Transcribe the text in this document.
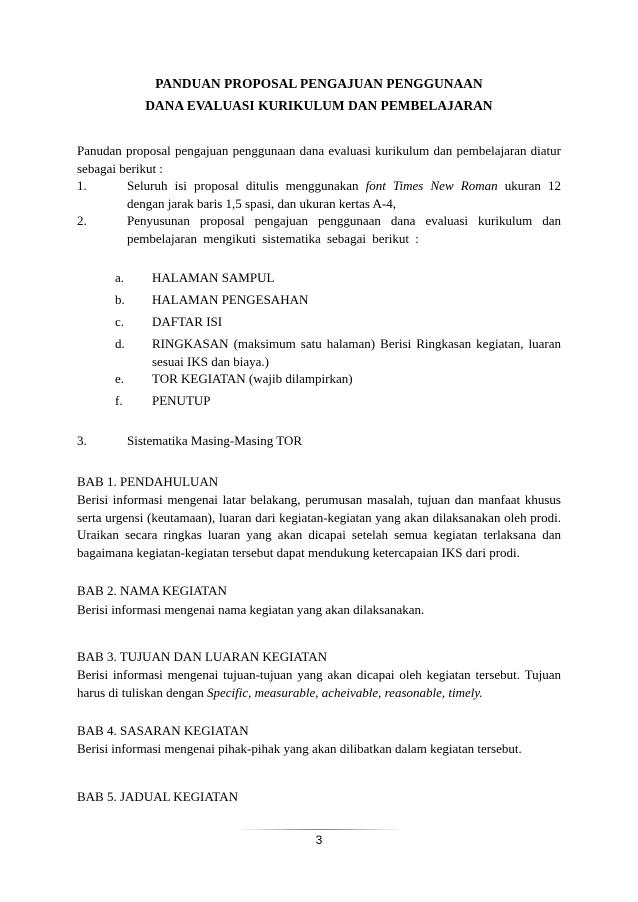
PANDUAN PROPOSAL PENGAJUAN PENGGUNAAN
DANA EVALUASI KURIKULUM DAN PEMBELAJARAN
Panudan proposal pengajuan penggunaan dana evaluasi kurikulum dan pembelajaran diatur sebagai berikut :
1.	Seluruh isi proposal ditulis menggunakan font Times New Roman ukuran 12 dengan jarak baris 1,5 spasi, dan ukuran kertas A-4,
2.	Penyusunan proposal pengajuan penggunaan dana evaluasi kurikulum dan pembelajaran mengikuti sistematika sebagai berikut :
a. HALAMAN SAMPUL
b. HALAMAN PENGESAHAN
c. DAFTAR ISI
d. RINGKASAN (maksimum satu halaman) Berisi Ringkasan kegiatan, luaran sesuai IKS dan biaya.)
e. TOR KEGIATAN (wajib dilampirkan)
f. PENUTUP
3.	Sistematika Masing-Masing TOR
BAB 1. PENDAHULUAN
Berisi informasi mengenai latar belakang, perumusan masalah, tujuan dan manfaat khusus serta urgensi (keutamaan), luaran dari kegiatan-kegiatan yang akan dilaksanakan oleh prodi. Uraikan secara ringkas luaran yang akan dicapai setelah semua kegiatan terlaksana dan bagaimana kegiatan-kegiatan tersebut dapat mendukung ketercapaian IKS dari prodi.
BAB 2. NAMA KEGIATAN
Berisi informasi mengenai nama kegiatan yang akan dilaksanakan.
BAB 3. TUJUAN DAN LUARAN KEGIATAN
Berisi informasi mengenai tujuan-tujuan yang akan dicapai oleh kegiatan tersebut. Tujuan harus di tuliskan dengan Specific, measurable, acheivable, reasonable, timely.
BAB 4. SASARAN KEGIATAN
Berisi informasi mengenai pihak-pihak yang akan dilibatkan dalam kegiatan tersebut.
BAB 5. JADUAL KEGIATAN
3
